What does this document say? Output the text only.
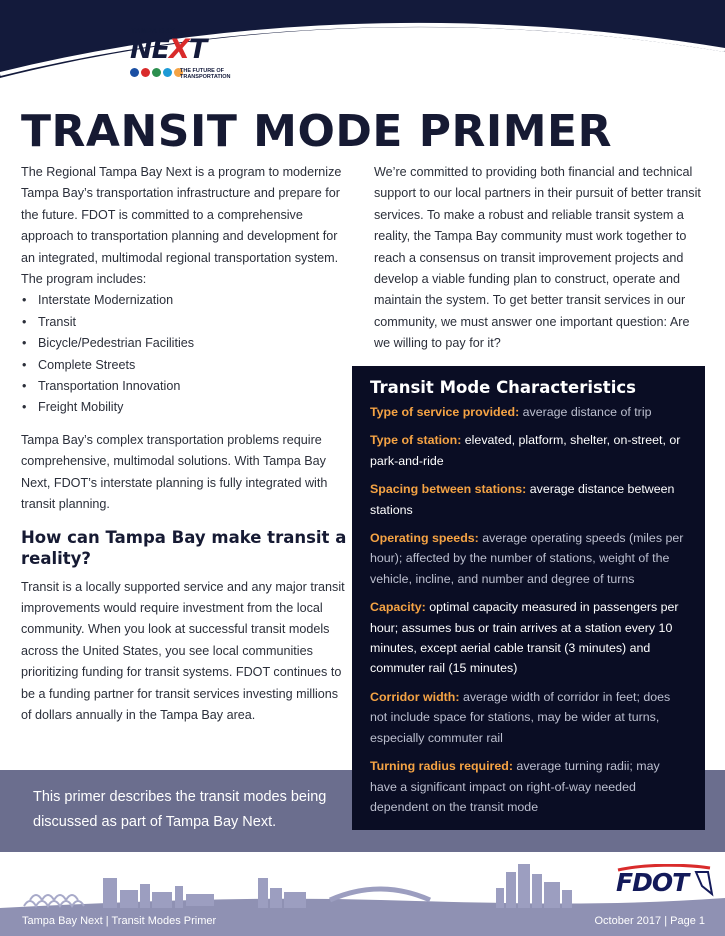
TAMPA BAY
NEXT
THE FUTURE OF
TRANSPORTATION
TRANSIT MODE PRIMER

The Regional Tampa Bay Next is a program to modernize Tampa Bay’s transportation infrastructure and prepare for the future. FDOT is committed to a comprehensive approach to transportation planning and development for an integrated, multimodal regional transportation system. The program includes:

• Interstate Modernization
• Transit
• Bicycle/Pedestrian Facilities
• Complete Streets
• Transportation Innovation
• Freight Mobility

Tampa Bay’s complex transportation problems require comprehensive, multimodal solutions. With Tampa Bay Next, FDOT’s interstate planning is fully integrated with transit planning.

How can Tampa Bay make transit a reality?

Transit is a locally supported service and any major transit improvements would require investment from the local community. When you look at successful transit models across the United States, you see local communities prioritizing funding for transit systems. FDOT continues to be a funding partner for transit services investing millions of dollars annually in the Tampa Bay area.

We’re committed to providing both financial and technical support to our local partners in their pursuit of better transit services. To make a robust and reliable transit system a reality, the Tampa Bay community must work together to reach a consensus on transit improvement projects and develop a viable funding plan to construct, operate and maintain the system. To get better transit services in our community, we must answer one important question: Are we willing to pay for it?

This primer describes the transit modes being discussed as part of Tampa Bay Next.
Transit Mode Characteristics
Type of service provided: average distance of trip
Type of station: elevated, platform, shelter, on-street, or park-and-ride
Spacing between stations: average distance between stations
Operating speeds: average operating speeds (miles per hour); affected by the number of stations, weight of the vehicle, incline, and number and degree of turns
Capacity: optimal capacity measured in passengers per hour; assumes bus or train arrives at a station every 10 minutes, except aerial cable transit (3 minutes) and commuter rail (15 minutes)
Corridor width: average width of corridor in feet; does not include space for stations, may be wider at turns, especially commuter rail
Turning radius required: average turning radii; may have a significant impact on right-of-way needed dependent on the transit mode
FDOT
Tampa Bay Next | Transit Modes Primer	October 2017 | Page 1
